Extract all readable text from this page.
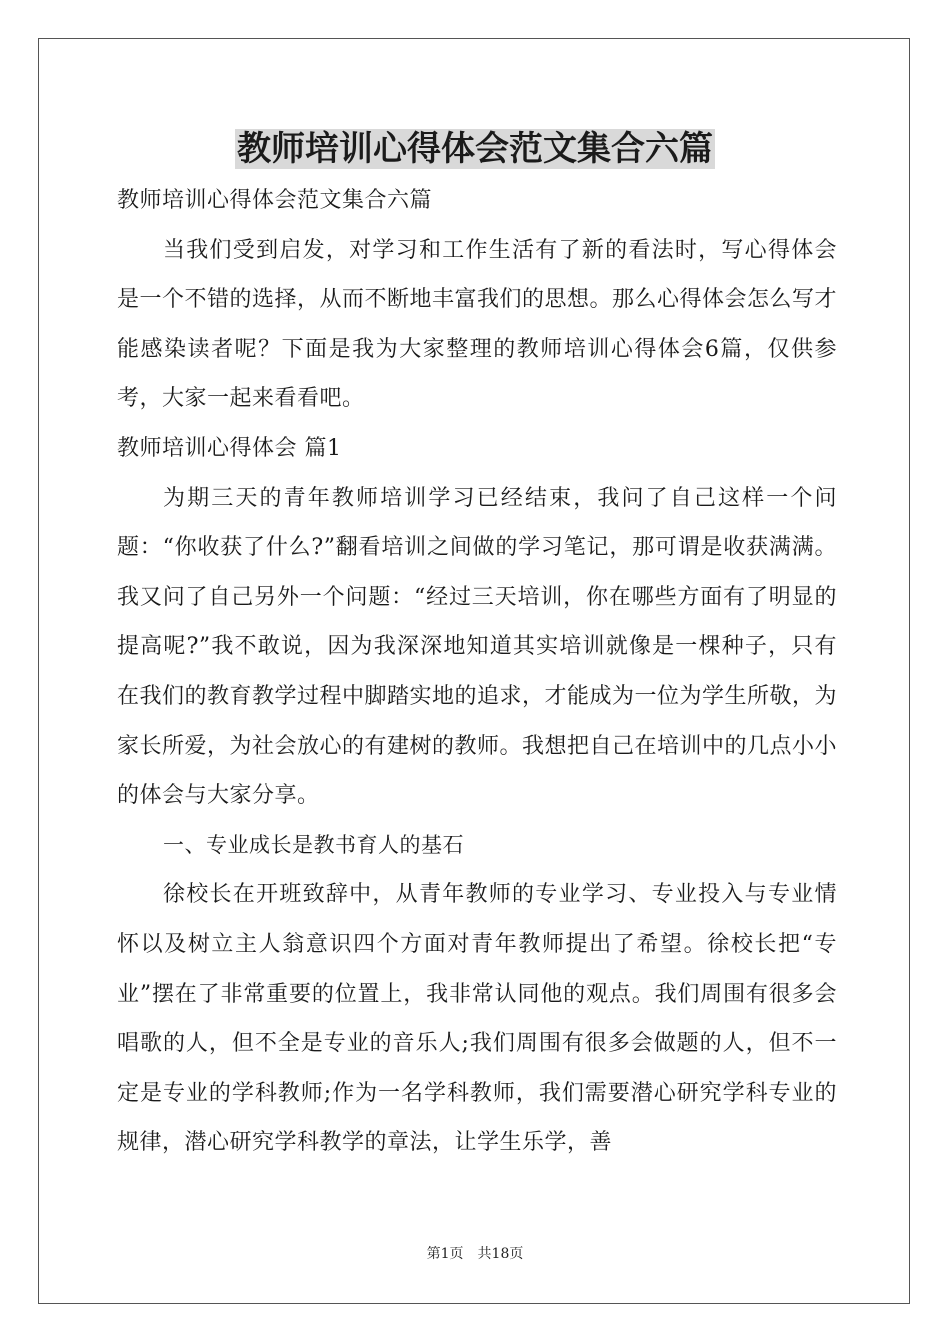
教师培训心得体会范文集合六篇

教师培训心得体会范文集合六篇

当我们受到启发，对学习和工作生活有了新的看法时，写心得体会是一个不错的选择，从而不断地丰富我们的思想。那么心得体会怎么写才能感染读者呢？下面是我为大家整理的教师培训心得体会6篇，仅供参考，大家一起来看看吧。

教师培训心得体会 篇1

为期三天的青年教师培训学习已经结束，我问了自己这样一个问题：“你收获了什么?”翻看培训之间做的学习笔记，那可谓是收获满满。我又问了自己另外一个问题：“经过三天培训，你在哪些方面有了明显的提高呢?”我不敢说，因为我深深地知道其实培训就像是一棵种子，只有在我们的教育教学过程中脚踏实地的追求，才能成为一位为学生所敬，为家长所爱，为社会放心的有建树的教师。我想把自己在培训中的几点小小的体会与大家分享。

一、专业成长是教书育人的基石

徐校长在开班致辞中，从青年教师的专业学习、专业投入与专业情怀以及树立主人翁意识四个方面对青年教师提出了希望。徐校长把“专业”摆在了非常重要的位置上，我非常认同他的观点。我们周围有很多会唱歌的人，但不全是专业的音乐人;我们周围有很多会做题的人，但不一定是专业的学科教师;作为一名学科教师，我们需要潜心研究学科专业的规律，潜心研究学科教学的章法，让学生乐学，善

第1页 共18页
